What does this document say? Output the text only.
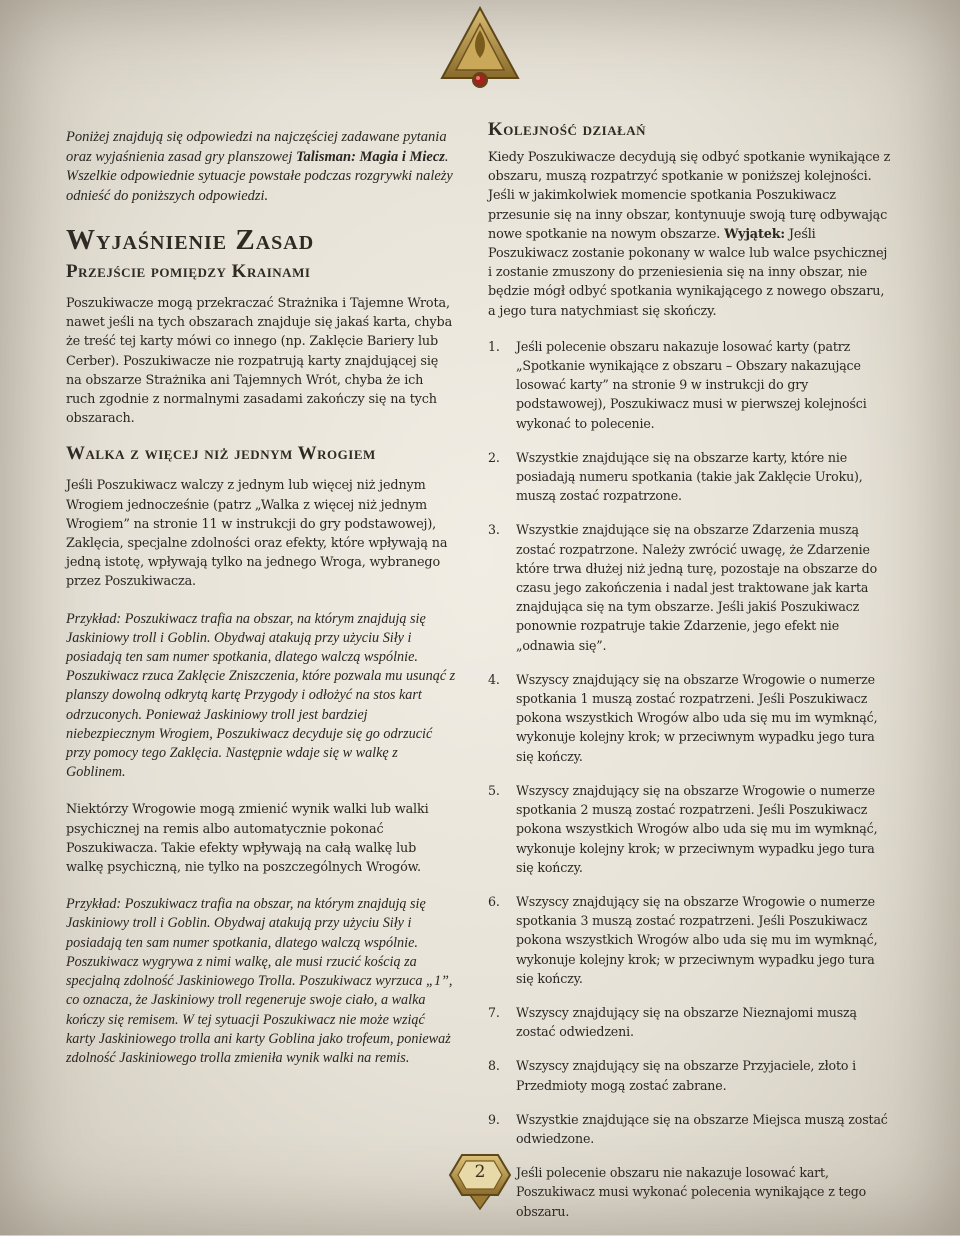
Poniżej znajdują się odpowiedzi na najczęściej zadawane pytania oraz wyjaśnienia zasad gry planszowej Talisman: Magia i Miecz. Wszelkie odpowiednie sytuacje powstałe podczas rozgrywki należy odnieść do poniższych odpowiedzi.

Wyjaśnienie Zasad
Przejście pomiędzy Krainami

Poszukiwacze mogą przekraczać Strażnika i Tajemne Wrota, nawet jeśli na tych obszarach znajduje się jakaś karta, chyba że treść tej karty mówi co innego (np. Zaklęcie Bariery lub Cerber). Poszukiwacze nie rozpatrują karty znajdującej się na obszarze Strażnika ani Tajemnych Wrót, chyba że ich ruch zgodnie z normalnymi zasadami zakończy się na tych obszarach.

Walka z więcej niż jednym Wrogiem

Jeśli Poszukiwacz walczy z jednym lub więcej niż jednym Wrogiem jednocześnie (patrz „Walka z więcej niż jednym Wrogiem” na stronie 11 w instrukcji do gry podstawowej), Zaklęcia, specjalne zdolności oraz efekty, które wpływają na jedną istotę, wpływają tylko na jednego Wroga, wybranego przez Poszukiwacza.

Przykład: Poszukiwacz trafia na obszar, na którym znajdują się Jaskiniowy troll i Goblin. Obydwaj atakują przy użyciu Siły i posiadają ten sam numer spotkania, dlatego walczą wspólnie. Poszukiwacz rzuca Zaklęcie Zniszczenia, które pozwala mu usunąć z planszy dowolną odkrytą kartę Przygody i odłożyć na stos kart odrzuconych. Ponieważ Jaskiniowy troll jest bardziej niebezpiecznym Wrogiem, Poszukiwacz decyduje się go odrzucić przy pomocy tego Zaklęcia. Następnie wdaje się w walkę z Goblinem.

Niektórzy Wrogowie mogą zmienić wynik walki lub walki psychicznej na remis albo automatycznie pokonać Poszukiwacza. Takie efekty wpływają na całą walkę lub walkę psychiczną, nie tylko na poszczególnych Wrogów.

Przykład: Poszukiwacz trafia na obszar, na którym znajdują się Jaskiniowy troll i Goblin. Obydwaj atakują przy użyciu Siły i posiadają ten sam numer spotkania, dlatego walczą wspólnie. Poszukiwacz wygrywa z nimi walkę, ale musi rzucić kością za specjalną zdolność Jaskiniowego Trolla. Poszukiwacz wyrzuca „1”, co oznacza, że Jaskiniowy troll regeneruje swoje ciało, a walka kończy się remisem. W tej sytuacji Poszukiwacz nie może wziąć karty Jaskiniowego trolla ani karty Goblina jako trofeum, ponieważ zdolność Jaskiniowego trolla zmieniła wynik walki na remis.

Kolejność działań

Kiedy Poszukiwacze decydują się odbyć spotkanie wynikające z obszaru, muszą rozpatrzyć spotkanie w poniższej kolejności. Jeśli w jakimkolwiek momencie spotkania Poszukiwacz przesunie się na inny obszar, kontynuuje swoją turę odbywając nowe spotkanie na nowym obszarze. Wyjątek: Jeśli Poszukiwacz zostanie pokonany w walce lub walce psychicznej i zostanie zmuszony do przeniesienia się na inny obszar, nie będzie mógł odbyć spotkania wynikającego z nowego obszaru, a jego tura natychmiast się skończy.

1. Jeśli polecenie obszaru nakazuje losować karty (patrz „Spotkanie wynikające z obszaru – Obszary nakazujące losować karty” na stronie 9 w instrukcji do gry podstawowej), Poszukiwacz musi w pierwszej kolejności wykonać to polecenie.
2. Wszystkie znajdujące się na obszarze karty, które nie posiadają numeru spotkania (takie jak Zaklęcie Uroku), muszą zostać rozpatrzone.
3. Wszystkie znajdujące się na obszarze Zdarzenia muszą zostać rozpatrzone. Należy zwrócić uwagę, że Zdarzenie które trwa dłużej niż jedną turę, pozostaje na obszarze do czasu jego zakończenia i nadal jest traktowane jak karta znajdująca się na tym obszarze. Jeśli jakiś Poszukiwacz ponownie rozpatruje takie Zdarzenie, jego efekt nie „odnawia się”.
4. Wszyscy znajdujący się na obszarze Wrogowie o numerze spotkania 1 muszą zostać rozpatrzeni. Jeśli Poszukiwacz pokona wszystkich Wrogów albo uda się mu im wymknąć, wykonuje kolejny krok; w przeciwnym wypadku jego tura się kończy.
5. Wszyscy znajdujący się na obszarze Wrogowie o numerze spotkania 2 muszą zostać rozpatrzeni. Jeśli Poszukiwacz pokona wszystkich Wrogów albo uda się mu im wymknąć, wykonuje kolejny krok; w przeciwnym wypadku jego tura się kończy.
6. Wszyscy znajdujący się na obszarze Wrogowie o numerze spotkania 3 muszą zostać rozpatrzeni. Jeśli Poszukiwacz pokona wszystkich Wrogów albo uda się mu im wymknąć, wykonuje kolejny krok; w przeciwnym wypadku jego tura się kończy.
7. Wszyscy znajdujący się na obszarze Nieznajomi muszą zostać odwiedzeni.
8. Wszyscy znajdujący się na obszarze Przyjaciele, złoto i Przedmioty mogą zostać zabrane.
9. Wszystkie znajdujące się na obszarze Miejsca muszą zostać odwiedzone.
Jeśli polecenie obszaru nie nakazuje losować kart, Poszukiwacz musi wykonać polecenia wynikające z tego obszaru.
2
